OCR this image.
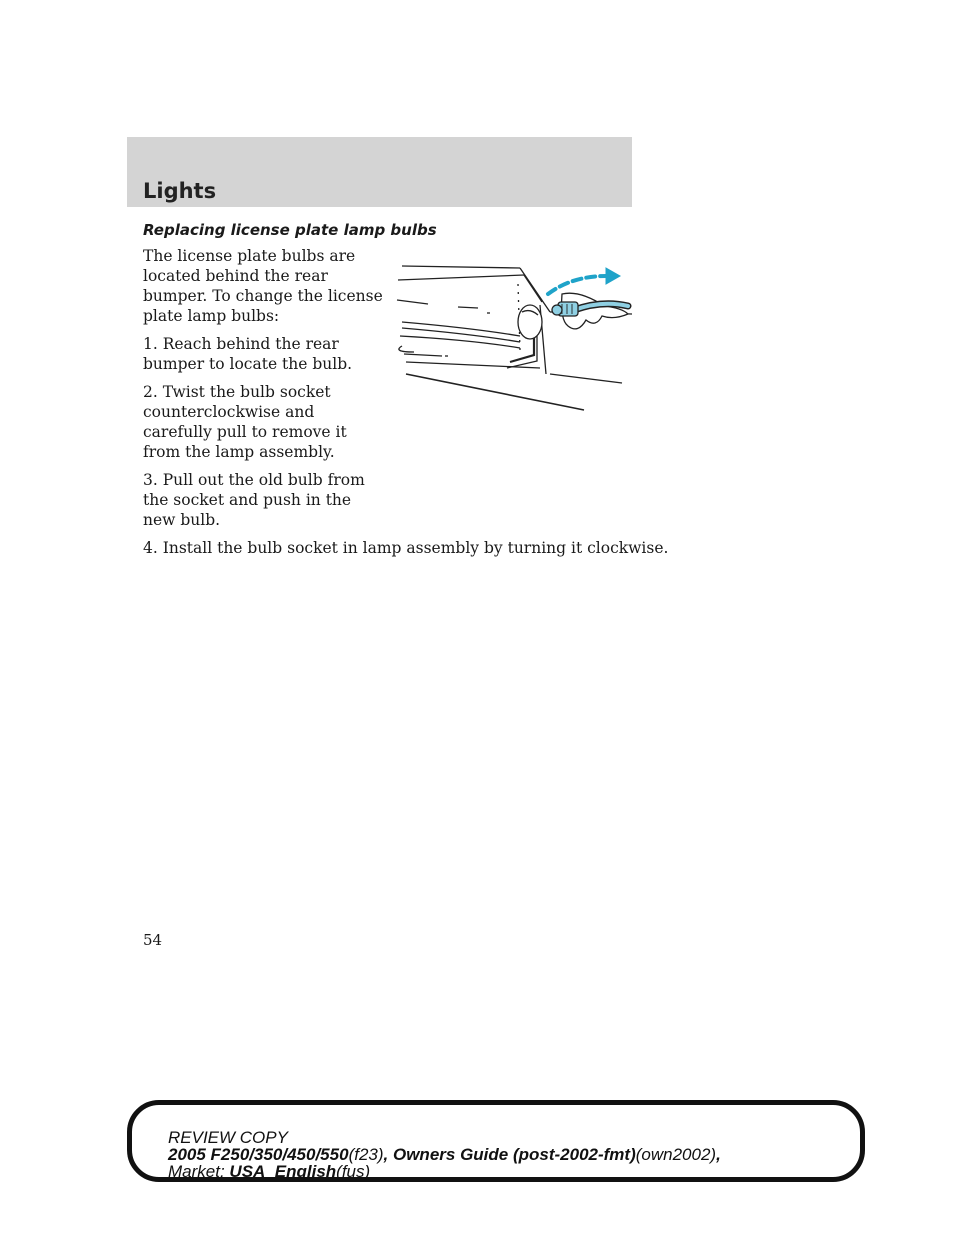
Lights

Replacing license plate lamp bulbs

The license plate bulbs are located behind the rear bumper. To change the license plate lamp bulbs:

1. Reach behind the rear bumper to locate the bulb.

2. Twist the bulb socket counterclockwise and carefully pull to remove it from the lamp assembly.

3. Pull out the old bulb from the socket and push in the new bulb.

4. Install the bulb socket in lamp assembly by turning it clockwise.

54

REVIEW COPY
2005 F250/350/450/550(f23), Owners Guide (post-2002-fmt)(own2002),
Market: USA_English(fus)
